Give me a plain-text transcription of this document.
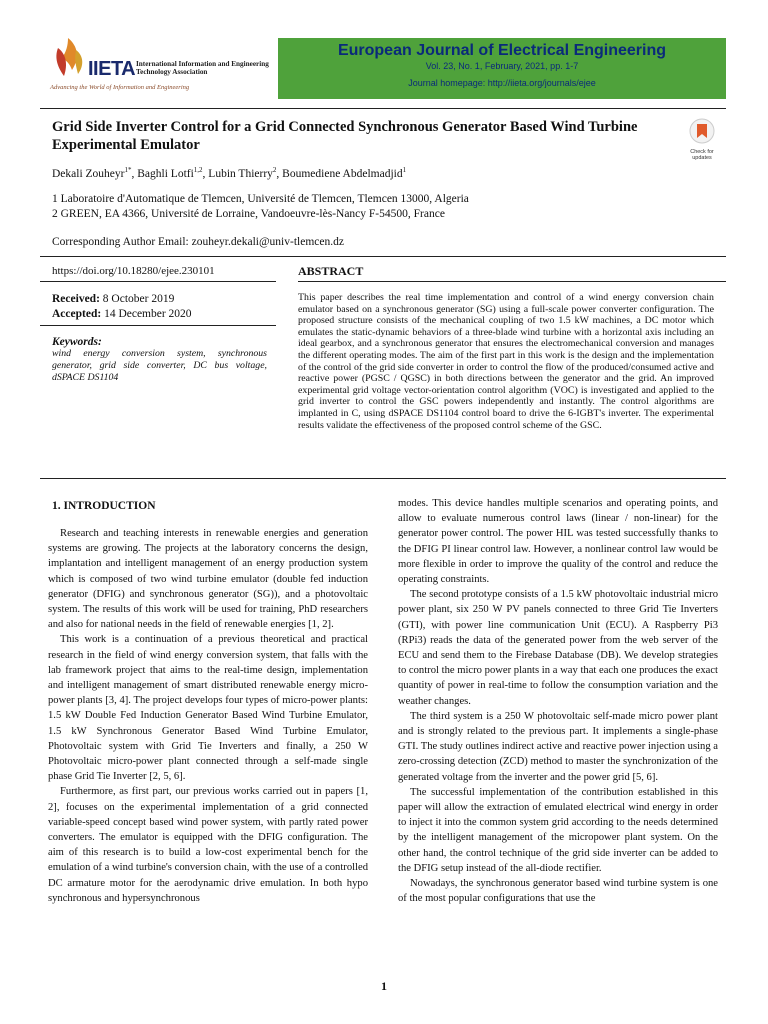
IIETA International Information and Engineering Technology Association
Advancing the World of Information and Engineering
European Journal of Electrical Engineering
Vol. 23, No. 1, February, 2021, pp. 1-7
Journal homepage: http://iieta.org/journals/ejee
Grid Side Inverter Control for a Grid Connected Synchronous Generator Based Wind Turbine Experimental Emulator	Check for updates
Dekali Zouheyr$^{1*}$, Baghli Lotfi$^{1,2}$, Lubin Thierry$^2$, Boumediene Abdelmadjid$^1$
1 Laboratoire d'Automatique de Tlemcen, Université de Tlemcen, Tlemcen 13000, Algeria
2 GREEN, EA 4366, Université de Lorraine, Vandoeuvre-lès-Nancy F-54500, France
Corresponding Author Email: zouheyr.dekali@univ-tlemcen.dz
https://doi.org/10.18280/ejee.230101
Received: 8 October 2019
Accepted: 14 December 2020
Keywords:
wind energy conversion system, synchronous generator, grid side converter, DC bus voltage, dSPACE DS1104
ABSTRACT
This paper describes the real time implementation and control of a wind energy conversion chain emulator based on a synchronous generator (SG) using a full-scale power converter configuration. The proposed structure consists of the mechanical coupling of two 1.5 kW machines, a DC motor which emulates the static-dynamic behaviors of a three-blade wind turbine with a horizontal axis including an ideal gearbox, and a synchronous generator that ensures the electromechanical conversion and manages the different operating modes. The aim of the first part in this work is the design and the implementation of the control of the grid side converter in order to control the flow of the produced/consumed active and reactive power (PGSC / QGSC) in both directions between the generator and the grid. An improved experimental grid voltage vector-orientation control algorithm (VOC) is investigated and applied to the grid inverter to control the GSC powers independently and instantly. The control algorithms are implanted in C, using dSPACE DS1104 control board to drive the 6-IGBT's inverter. The experimental results validate the effectiveness of the proposed control scheme of the GSC.
1. INTRODUCTION

Research and teaching interests in renewable energies and generation systems are growing. The projects at the laboratory concerns the design, implantation and intelligent management of an energy production system which is composed of two wind turbine emulator (double fed induction generator (DFIG) and synchronous generator (SG)), and a photovoltaic system. The results of this work will be used for training, PhD researchers and also for national needs in the field of renewable energies [1, 2].

This work is a continuation of a previous theoretical and practical research in the field of wind energy conversion system, that falls with the lab framework project that aims to the real-time design, implementation and intelligent management of smart distributed renewable energy micro-power plants [3, 4]. The project develops four types of micro-power plants: 1.5 kW Double Fed Induction Generator Based Wind Turbine Emulator, 1.5 kW Synchronous Generator Based Wind Turbine Emulator, Photovoltaic system with Grid Tie Inverters and finally, a 250 W Photovoltaic micro-power plant connected through a self-made single phase Grid Tie Inverter [2, 5, 6].

Furthermore, as first part, our previous works carried out in papers [1, 2], focuses on the experimental implementation of a grid connected variable-speed concept based wind power system, with partly rated power converters. The emulator is equipped with the DFIG configuration. The aim of this research is to build a low-cost experimental bench for the emulation of a wind turbine's conversion chain, with the use of a controlled DC armature motor for the aerodynamic drive emulation. In both hypo synchronous and hypersynchronous

modes. This device handles multiple scenarios and operating points, and allow to evaluate numerous control laws (linear / non-linear) for the generator power control. The power HIL was tested successfully thanks to the DFIG PI linear control law. However, a nonlinear control law would be more flexible in order to improve the quality of the control and reduce the operating constraints.

The second prototype consists of a 1.5 kW photovoltaic industrial micro power plant, six 250 W PV panels connected to three Grid Tie Inverters (GTI), with power line communication Unit (ECU). A Raspberry Pi3 (RPi3) reads the data of the generated power from the web server of the ECU and send them to the Firebase Database (DB). We develop strategies to control the micro power plants in a way that each one produces the exact quantity of power in real-time to follow the consumption variation and the weather changes.

The third system is a 250 W photovoltaic self-made micro power plant and is strongly related to the previous part. It implements a single-phase GTI. The study outlines indirect active and reactive power injection using a zero-crossing detection (ZCD) method to master the synchronization of the generated voltage from the inverter and the power grid [5, 6].

The successful implementation of the contribution established in this paper will allow the extraction of emulated electrical wind energy in order to inject it into the common system grid according to the needs determined by the intelligent management of the micropower plant system. On the other hand, the control technique of the grid side inverter can be added to the DFIG setup instead of the all-diode rectifier.

Nowadays, the synchronous generator based wind turbine system is one of the most popular configurations that use the

1
